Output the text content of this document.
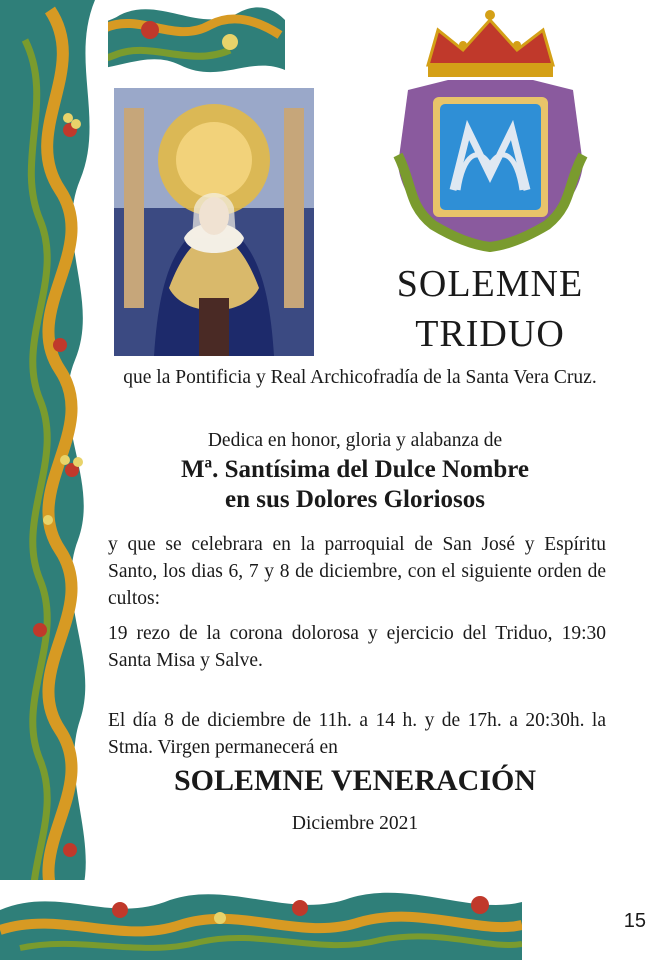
SOLEMNE
TRIDUO

que la Pontificia y Real Archicofradía de la Santa Vera Cruz.

Dedica en honor, gloria y alabanza de

Mª. Santísima del Dulce Nombre

en sus Dolores Gloriosos

y que se celebrara en la parroquial de San José y Espíritu Santo, los dias 6, 7 y 8 de diciembre, con el siguiente orden de cultos:

19 rezo de la corona dolorosa y ejercicio del Triduo, 19:30 Santa Misa y Salve.

El día 8 de diciembre de 11h. a 14 h. y de 17h. a 20:30h. la Stma. Virgen permanecerá en

SOLEMNE VENERACIÓN

Diciembre 2021

15
